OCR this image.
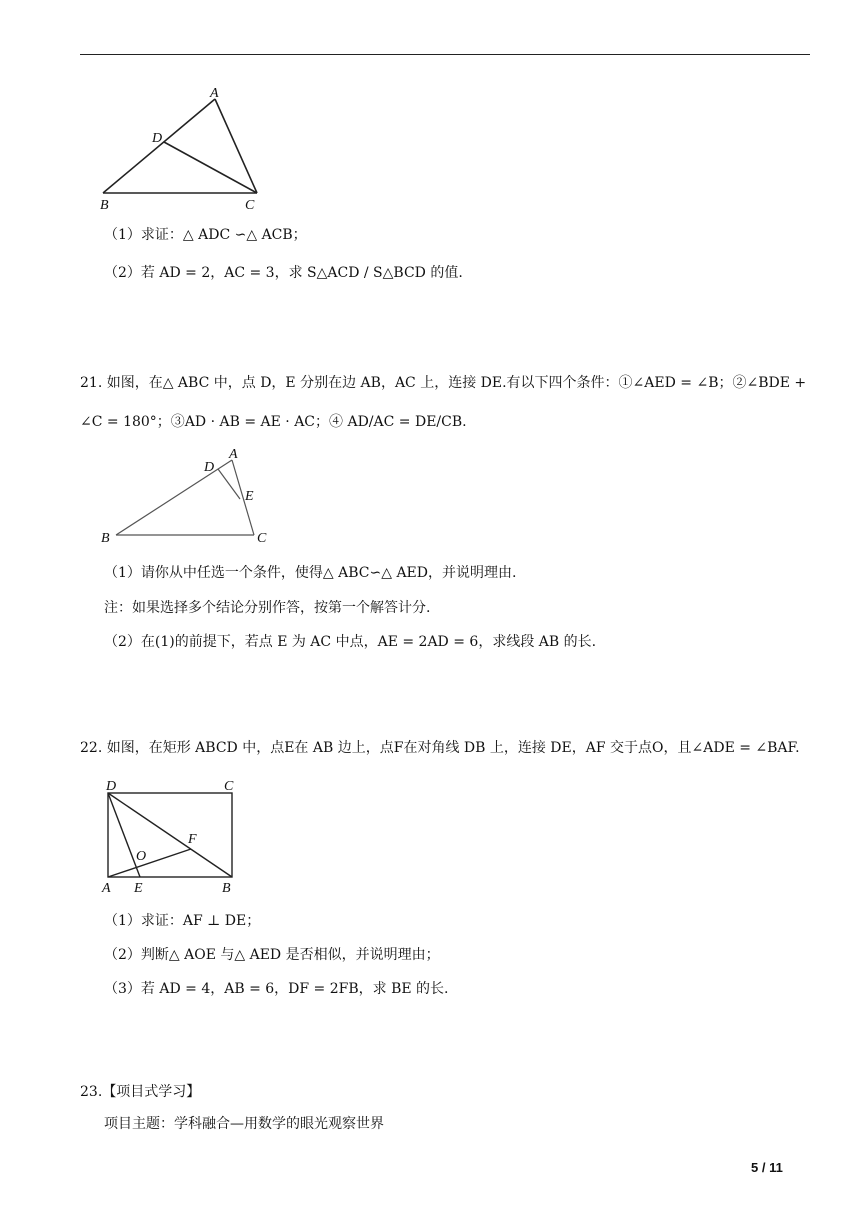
A
D
B	C
（1）求证：△ ADC ∽△ ACB；
（2）若 AD = 2，AC = 3，求 S△ACD / S△BCD 的值.
21. 如图，在△ ABC 中，点 D，E 分别在边 AB，AC 上，连接 DE.有以下四个条件：①∠AED = ∠B；②∠BDE +
∠C = 180°；③AD · AB = AE · AC；④ AD/AC = DE/CB.
A
D
E
B	C
（1）请你从中任选一个条件，使得△ ABC∽△ AED，并说明理由.
注：如果选择多个结论分别作答，按第一个解答计分.
（2）在(1)的前提下，若点 E 为 AC 中点，AE = 2AD = 6，求线段 AB 的长.
22. 如图，在矩形 ABCD 中，点E在 AB 边上，点F在对角线 DB 上，连接 DE，AF 交于点O，且∠ADE = ∠BAF.
D	C
F
O
A E	B
（1）求证：AF ⊥ DE；
（2）判断△ AOE 与△ AED 是否相似，并说明理由；
（3）若 AD = 4，AB = 6，DF = 2FB，求 BE 的长.
23.【项目式学习】
项目主题：学科融合—用数学的眼光观察世界
5 / 11
